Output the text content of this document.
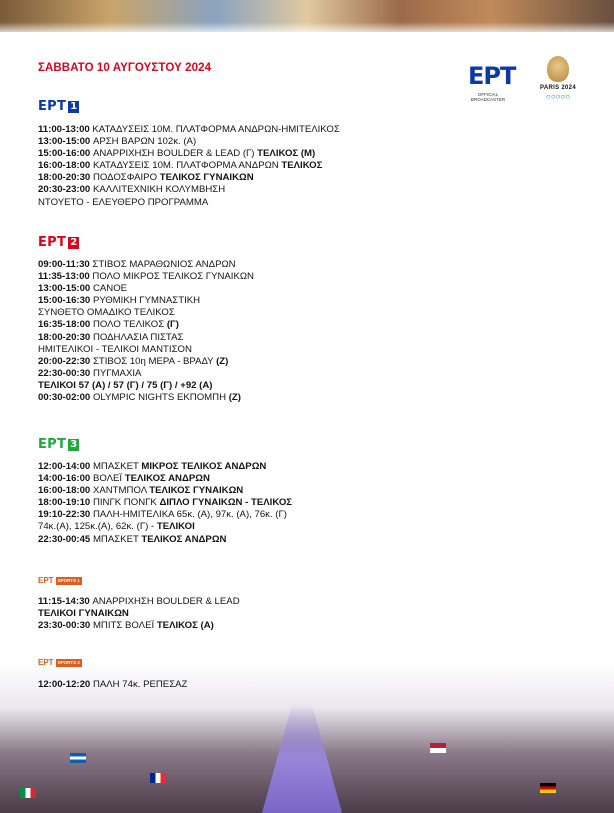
ΣΑΒΒΑΤΟ 10 ΑΥΓΟΥΣΤΟΥ 2024	ΕΡΤ
OFFICIAL
BROADCASTER
PARIS 2024
○○○○○
ΕΡΤ 1
11:00-13:00 ΚΑΤΑΔΥΣΕΙΣ 10Μ. ΠΛΑΤΦΟΡΜΑ ΑΝΔΡΩΝ-ΗΜΙΤΕΛΙΚΟΣ
13:00-15:00 ΑΡΣΗ ΒΑΡΩΝ 102κ. (Α)
15:00-16:00 ΑΝΑΡΡΙΧΗΣΗ BOULDER & LEAD (Γ) ΤΕΛΙΚΟΣ (Μ)
16:00-18:00 ΚΑΤΑΔΥΣΕΙΣ 10Μ. ΠΛΑΤΦΟΡΜΑ ΑΝΔΡΩΝ ΤΕΛΙΚΟΣ
18:00-20:30 ΠΟΔΟΣΦΑΙΡΟ ΤΕΛΙΚΟΣ ΓΥΝΑΙΚΩΝ
20:30-23:00 ΚΑΛΛΙΤΕΧΝΙΚΗ ΚΟΛΥΜΒΗΣΗ
ΝΤΟΥΕΤΟ - ΕΛΕΥΘΕΡΟ ΠΡΟΓΡΑΜΜΑ
ΕΡΤ 2
09:00-11:30 ΣΤΙΒΟΣ ΜΑΡΑΘΩΝΙΟΣ ΑΝΔΡΩΝ
11:35-13:00 ΠΟΛΟ ΜΙΚΡΟΣ ΤΕΛΙΚΟΣ ΓΥΝΑΙΚΩΝ
13:00-15:00 CANOE
15:00-16:30 ΡΥΘΜΙΚΗ ΓΥΜΝΑΣΤΙΚΗ
ΣΥΝΘΕΤΟ ΟΜΑΔΙΚΟ ΤΕΛΙΚΟΣ
16:35-18:00 ΠΟΛΟ ΤΕΛΙΚΟΣ (Γ)
18:00-20:30 ΠΟΔΗΛΑΣΙΑ ΠΙΣΤΑΣ
ΗΜΙΤΕΛΙΚΟΙ - ΤΕΛΙΚΟΙ ΜΑΝΤΙΣΟΝ
20:00-22:30 ΣΤΙΒΟΣ 10η ΜΕΡΑ - ΒΡΑΔΥ (Ζ)
22:30-00:30 ΠΥΓΜΑΧΙΑ
ΤΕΛΙΚΟΙ 57 (Α) / 57 (Γ) / 75 (Γ) / +92 (Α)
00:30-02:00 OLYMPIC NIGHTS ΕΚΠΟΜΠΗ (Ζ)
ΕΡΤ 3
12:00-14:00 ΜΠΑΣΚΕΤ ΜΙΚΡΟΣ ΤΕΛΙΚΟΣ ΑΝΔΡΩΝ
14:00-16:00 ΒΟΛΕΪ ΤΕΛΙΚΟΣ ΑΝΔΡΩΝ
16:00-18:00 ΧΑΝΤΜΠΟΛ ΤΕΛΙΚΟΣ ΓΥΝΑΙΚΩΝ
18:00-19:10 ΠΙΝΓΚ ΠΟΝΓΚ ΔΙΠΛΟ ΓΥΝΑΙΚΩΝ - ΤΕΛΙΚΟΣ
19:10-22:30 ΠΑΛΗ-ΗΜΙΤΕΛΙΚΑ 65κ. (Α), 97κ. (Α), 76κ. (Γ)
74κ.(Α), 125κ.(Α), 62κ. (Γ) - ΤΕΛΙΚΟΙ
22:30-00:45 ΜΠΑΣΚΕΤ ΤΕΛΙΚΟΣ ΑΝΔΡΩΝ
ΕΡΤ SPORTS 1
11:15-14:30 ΑΝΑΡΡΙΧΗΣΗ BOULDER & LEAD
ΤΕΛΙΚΟΙ ΓΥΝΑΙΚΩΝ
23:30-00:30 ΜΠΙΤΣ ΒΟΛΕΪ ΤΕΛΙΚΟΣ (Α)
ΕΡΤ SPORTS 2
12:00-12:20 ΠΑΛΗ 74κ. ΡΕΠΕΣΑΖ
